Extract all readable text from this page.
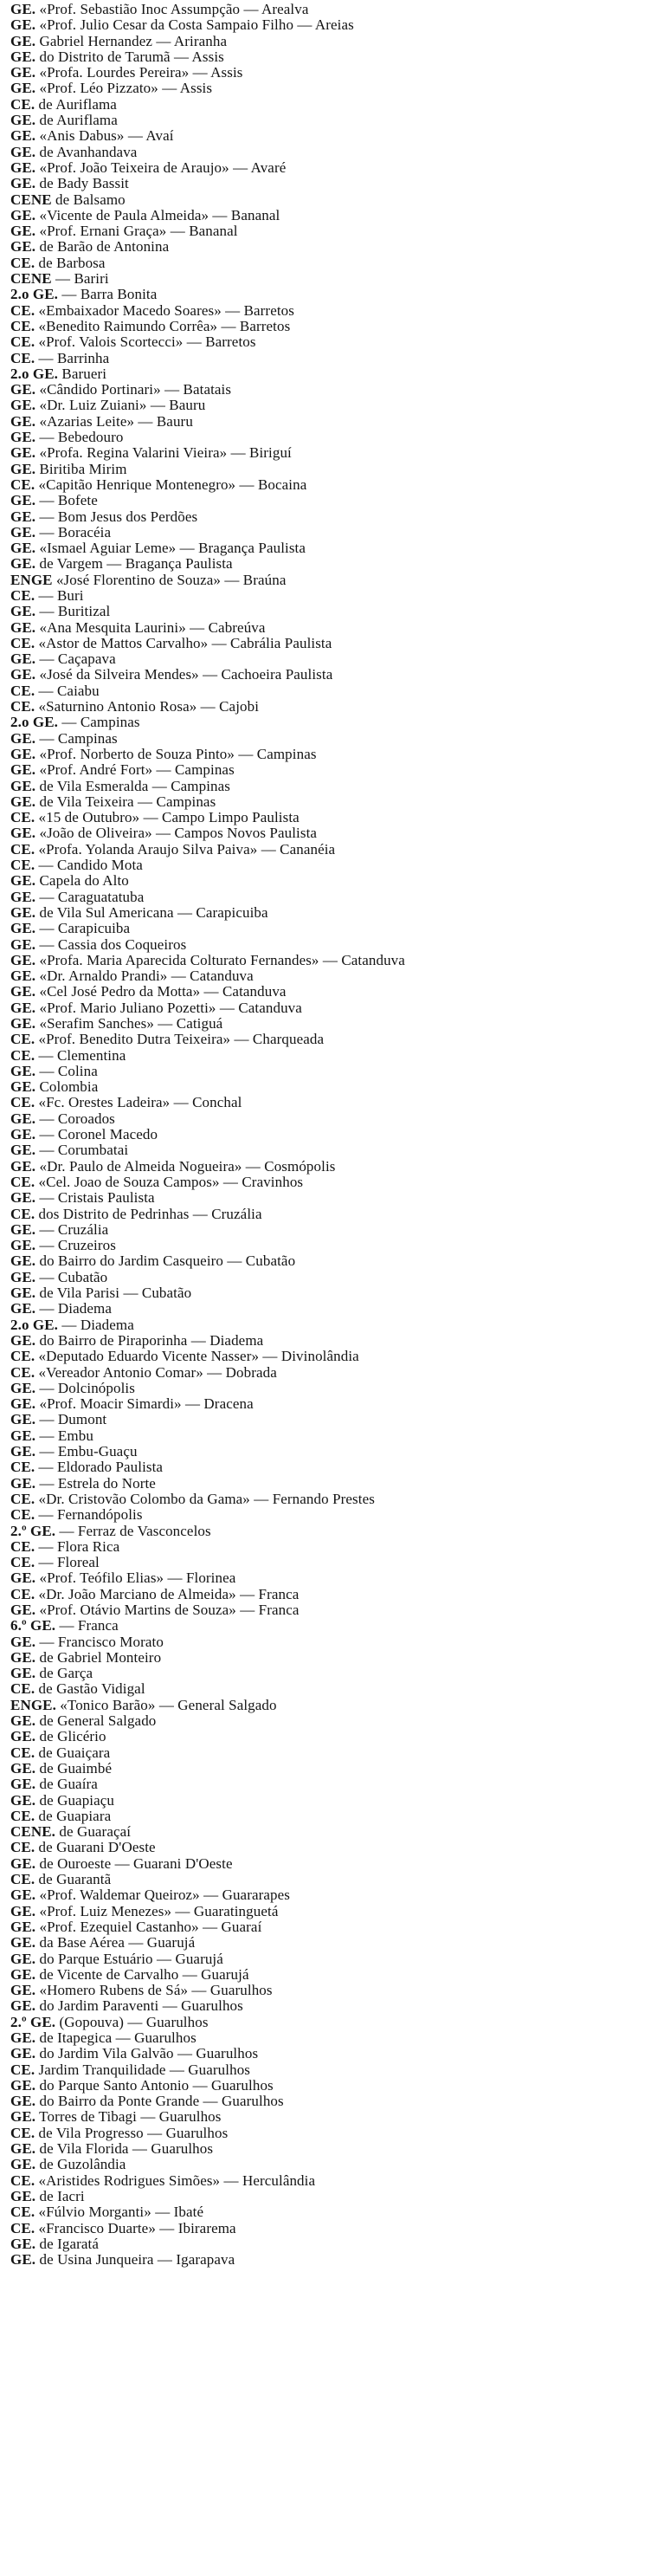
GE. «Prof. Sebastião Inoc Assumpção — Arealva
GE. «Prof. Julio Cesar da Costa Sampaio Filho — Areias
GE. Gabriel Hernandez — Ariranha
GE. do Distrito de Tarumã — Assis
GE. «Profa. Lourdes Pereira» — Assis
GE. «Prof. Léo Pizzato» — Assis
CE. de Auriflama
GE. de Auriflama
GE. «Anis Dabus» — Avaí
GE. de Avanhandava
GE. «Prof. João Teixeira de Araujo» — Avaré
GE. de Bady Bassit
CENE de Balsamo
GE. «Vicente de Paula Almeida» — Bananal
GE. «Prof. Ernani Graça» — Bananal
GE. de Barão de Antonina
CE. de Barbosa
CENE — Bariri
2.o GE. — Barra Bonita
CE. «Embaixador Macedo Soares» — Barretos
CE. «Benedito Raimundo Corrêa» — Barretos
CE. «Prof. Valois Scortecci» — Barretos
CE. — Barrinha
2.o GE. Barueri
GE. «Cândido Portinari» — Batatais
GE. «Dr. Luiz Zuiani» — Bauru
GE. «Azarias Leite» — Bauru
GE. — Bebedouro
GE. «Profa. Regina Valarini Vieira» — Biriguí
GE. Biritiba Mirim
CE. «Capitão Henrique Montenegro» — Bocaina
GE. — Bofete
GE. — Bom Jesus dos Perdões
GE. — Boracéia
GE. «Ismael Aguiar Leme» — Bragança Paulista
GE. de Vargem — Bragança Paulista
ENGE «José Florentino de Souza» — Braúna
CE. — Buri
GE. — Buritizal
GE. «Ana Mesquita Laurini» — Cabreúva
CE. «Astor de Mattos Carvalho» — Cabrália Paulista
GE. — Caçapava
GE. «José da Silveira Mendes» — Cachoeira Paulista
CE. — Caiabu
CE. «Saturnino Antonio Rosa» — Cajobi
2.o GE. — Campinas
GE. — Campinas
GE. «Prof. Norberto de Souza Pinto» — Campinas
GE. «Prof. André Fort» — Campinas
GE. de Vila Esmeralda — Campinas
GE. de Vila Teixeira — Campinas
CE. «15 de Outubro» — Campo Limpo Paulista
GE. «João de Oliveira» — Campos Novos Paulista
CE. «Profa. Yolanda Araujo Silva Paiva» — Cananéia
CE. — Candido Mota
GE. Capela do Alto
GE. — Caraguatatuba
GE. de Vila Sul Americana — Carapicuiba
GE. — Carapicuiba
GE. — Cassia dos Coqueiros
GE. «Profa. Maria Aparecida Colturato Fernandes» — Catanduva
GE. «Dr. Arnaldo Prandi» — Catanduva
GE. «Cel José Pedro da Motta» — Catanduva
GE. «Prof. Mario Juliano Pozetti» — Catanduva
GE. «Serafim Sanches» — Catiguá
CE. «Prof. Benedito Dutra Teixeira» — Charqueada
CE. — Clementina
GE. — Colina
GE. Colombia
CE. «Fc. Orestes Ladeira» — Conchal
GE. — Coroados
GE. — Coronel Macedo
GE. — Corumbatai
GE. «Dr. Paulo de Almeida Nogueira» — Cosmópolis
CE. «Cel. Joao de Souza Campos» — Cravinhos
GE. — Cristais Paulista
CE. dos Distrito de Pedrinhas — Cruzália
GE. — Cruzália
GE. — Cruzeiros
GE. do Bairro do Jardim Casqueiro — Cubatão
GE. — Cubatão
GE. de Vila Parisi — Cubatão
GE. — Diadema
2.o GE. — Diadema
GE. do Bairro de Piraporinha — Diadema
CE. «Deputado Eduardo Vicente Nasser» — Divinolândia
CE. «Vereador Antonio Comar» — Dobrada
GE. — Dolcinópolis
GE. «Prof. Moacir Simardi» — Dracena
GE. — Dumont
GE. — Embu
GE. — Embu-Guaçu
CE. — Eldorado Paulista
GE. — Estrela do Norte
CE. «Dr. Cristovão Colombo da Gama» — Fernando Prestes
CE. — Fernandópolis
2.º GE. — Ferraz de Vasconcelos
CE. — Flora Rica
CE. — Floreal
GE. «Prof. Teófilo Elias» — Florinea
CE. «Dr. João Marciano de Almeida» — Franca
GE. «Prof. Otávio Martins de Souza» — Franca
6.º GE. — Franca
GE. — Francisco Morato
GE. de Gabriel Monteiro
GE. de Garça
CE. de Gastão Vidigal
ENGE. «Tonico Barão» — General Salgado
GE. de General Salgado
GE. de Glicério
CE. de Guaiçara
GE. de Guaimbé
GE. de Guaíra
GE. de Guapiaçu
CE. de Guapiara
CENE. de Guaraçaí
CE. de Guarani D'Oeste
GE. de Ouroeste — Guarani D'Oeste
CE. de Guarantã
GE. «Prof. Waldemar Queiroz» — Guararapes
GE. «Prof. Luiz Menezes» — Guaratinguetá
GE. «Prof. Ezequiel Castanho» — Guaraí
GE. da Base Aérea — Guarujá
GE. do Parque Estuário — Guarujá
GE. de Vicente de Carvalho — Guarujá
GE. «Homero Rubens de Sá» — Guarulhos
GE. do Jardim Paraventi — Guarulhos
2.º GE. (Gopouva) — Guarulhos
GE. de Itapegica — Guarulhos
GE. do Jardim Vila Galvão — Guarulhos
CE. Jardim Tranquilidade — Guarulhos
GE. do Parque Santo Antonio — Guarulhos
GE. do Bairro da Ponte Grande — Guarulhos
GE. Torres de Tibagi — Guarulhos
CE. de Vila Progresso — Guarulhos
GE. de Vila Florida — Guarulhos
GE. de Guzolândia
CE. «Aristides Rodrigues Simões» — Herculândia
GE. de Iacri
CE. «Fúlvio Morganti» — Ibaté
CE. «Francisco Duarte» — Ibirarema
GE. de Igaratá
GE. de Usina Junqueira — Igarapava
